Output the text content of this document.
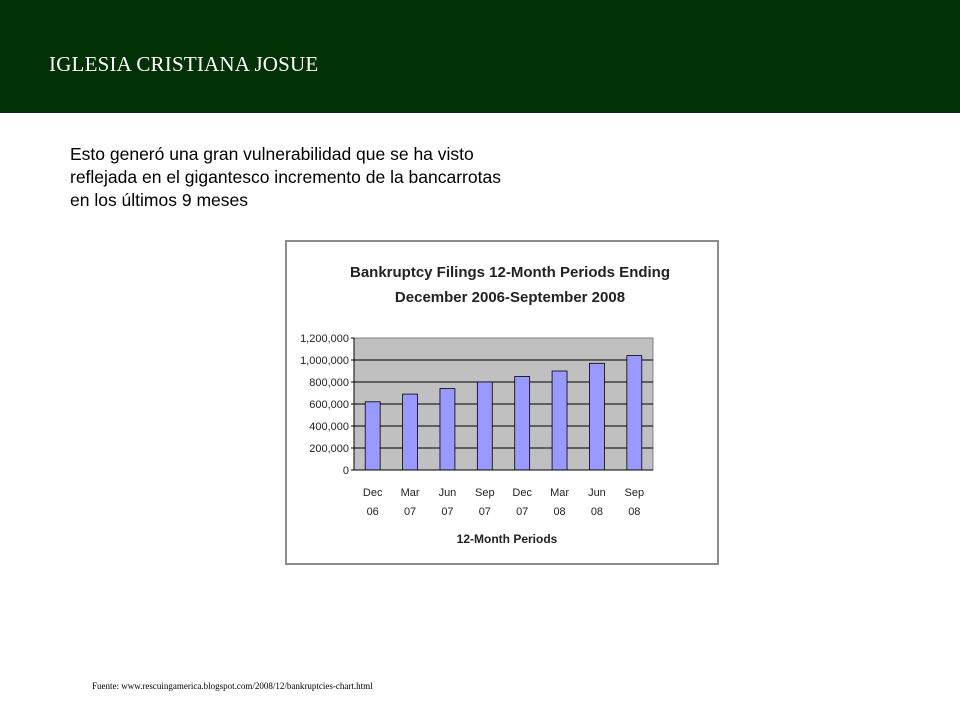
IGLESIA CRISTIANA JOSUE
Esto generó una gran vulnerabilidad que se ha visto reflejada en el gigantesco incremento de la bancarrotas en los últimos 9 meses
Bankruptcy Filings 12-Month Periods Ending
December 2006-September 2008
0
200,000
400,000
600,000
800,000
1,000,000
1,200,000
Dec
06
Mar
07
Jun
07
Sep
07
Dec
07
Mar
08
Jun
08
Sep
08
12-Month Periods
Fuente: www.rescuingamerica.blogspot.com/2008/12/bankruptcies-chart.html
